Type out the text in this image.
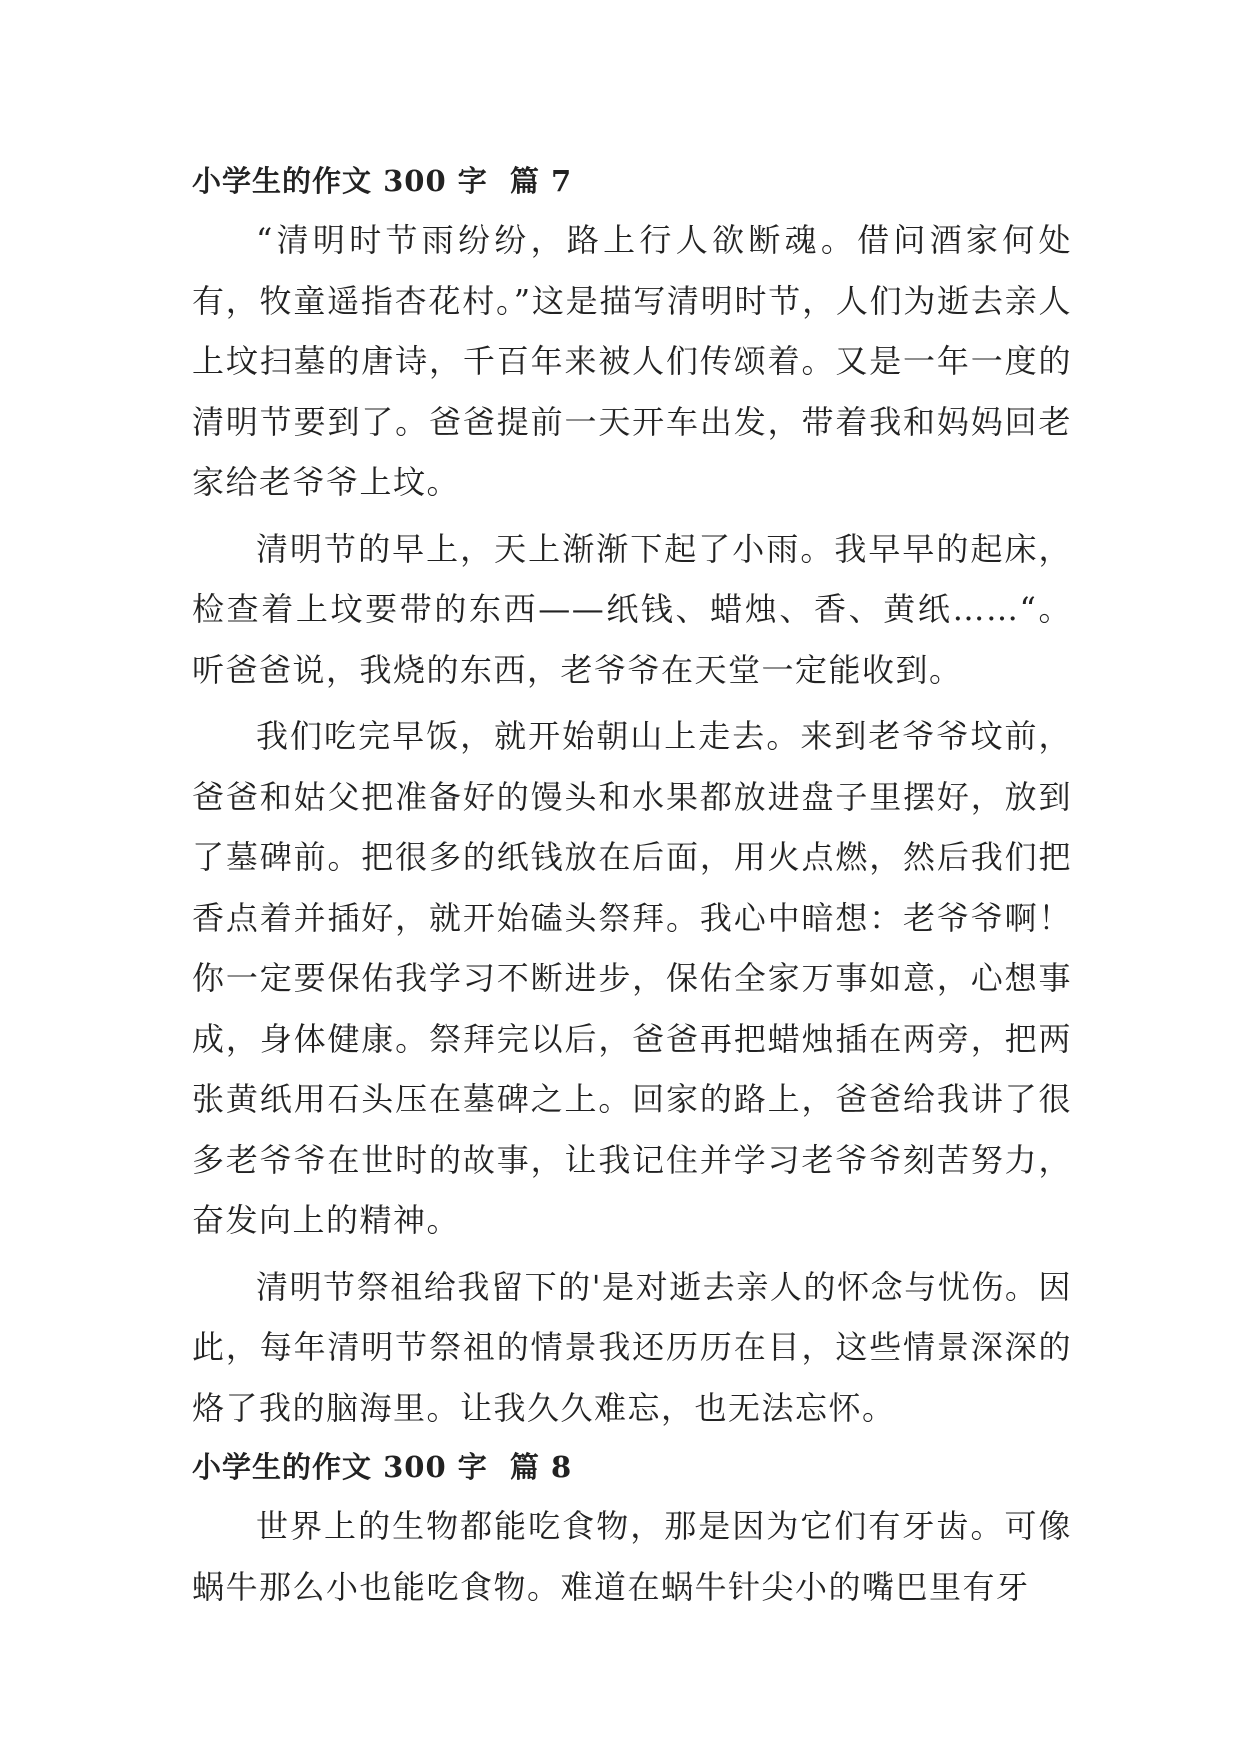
小学生的作文 300 字  篇 7

“清明时节雨纷纷，路上行人欲断魂。借问酒家何处有，牧童遥指杏花村。”这是描写清明时节，人们为逝去亲人上坟扫墓的唐诗，千百年来被人们传颂着。又是一年一度的清明节要到了。爸爸提前一天开车出发，带着我和妈妈回老家给老爷爷上坟。

清明节的早上，天上渐渐下起了小雨。我早早的起床，检查着上坟要带的东西——纸钱、蜡烛、香、黄纸……“。听爸爸说，我烧的东西，老爷爷在天堂一定能收到。

我们吃完早饭，就开始朝山上走去。来到老爷爷坟前，爸爸和姑父把准备好的馒头和水果都放进盘子里摆好，放到了墓碑前。把很多的纸钱放在后面，用火点燃，然后我们把香点着并插好，就开始磕头祭拜。我心中暗想：老爷爷啊！你一定要保佑我学习不断进步，保佑全家万事如意，心想事成，身体健康。祭拜完以后，爸爸再把蜡烛插在两旁，把两张黄纸用石头压在墓碑之上。回家的路上，爸爸给我讲了很多老爷爷在世时的故事，让我记住并学习老爷爷刻苦努力，奋发向上的精神。

清明节祭祖给我留下的'是对逝去亲人的怀念与忧伤。因此，每年清明节祭祖的情景我还历历在目，这些情景深深的烙了我的脑海里。让我久久难忘，也无法忘怀。

小学生的作文 300 字  篇 8

世界上的生物都能吃食物，那是因为它们有牙齿。可像蜗牛那么小也能吃食物。难道在蜗牛针尖小的嘴巴里有牙
